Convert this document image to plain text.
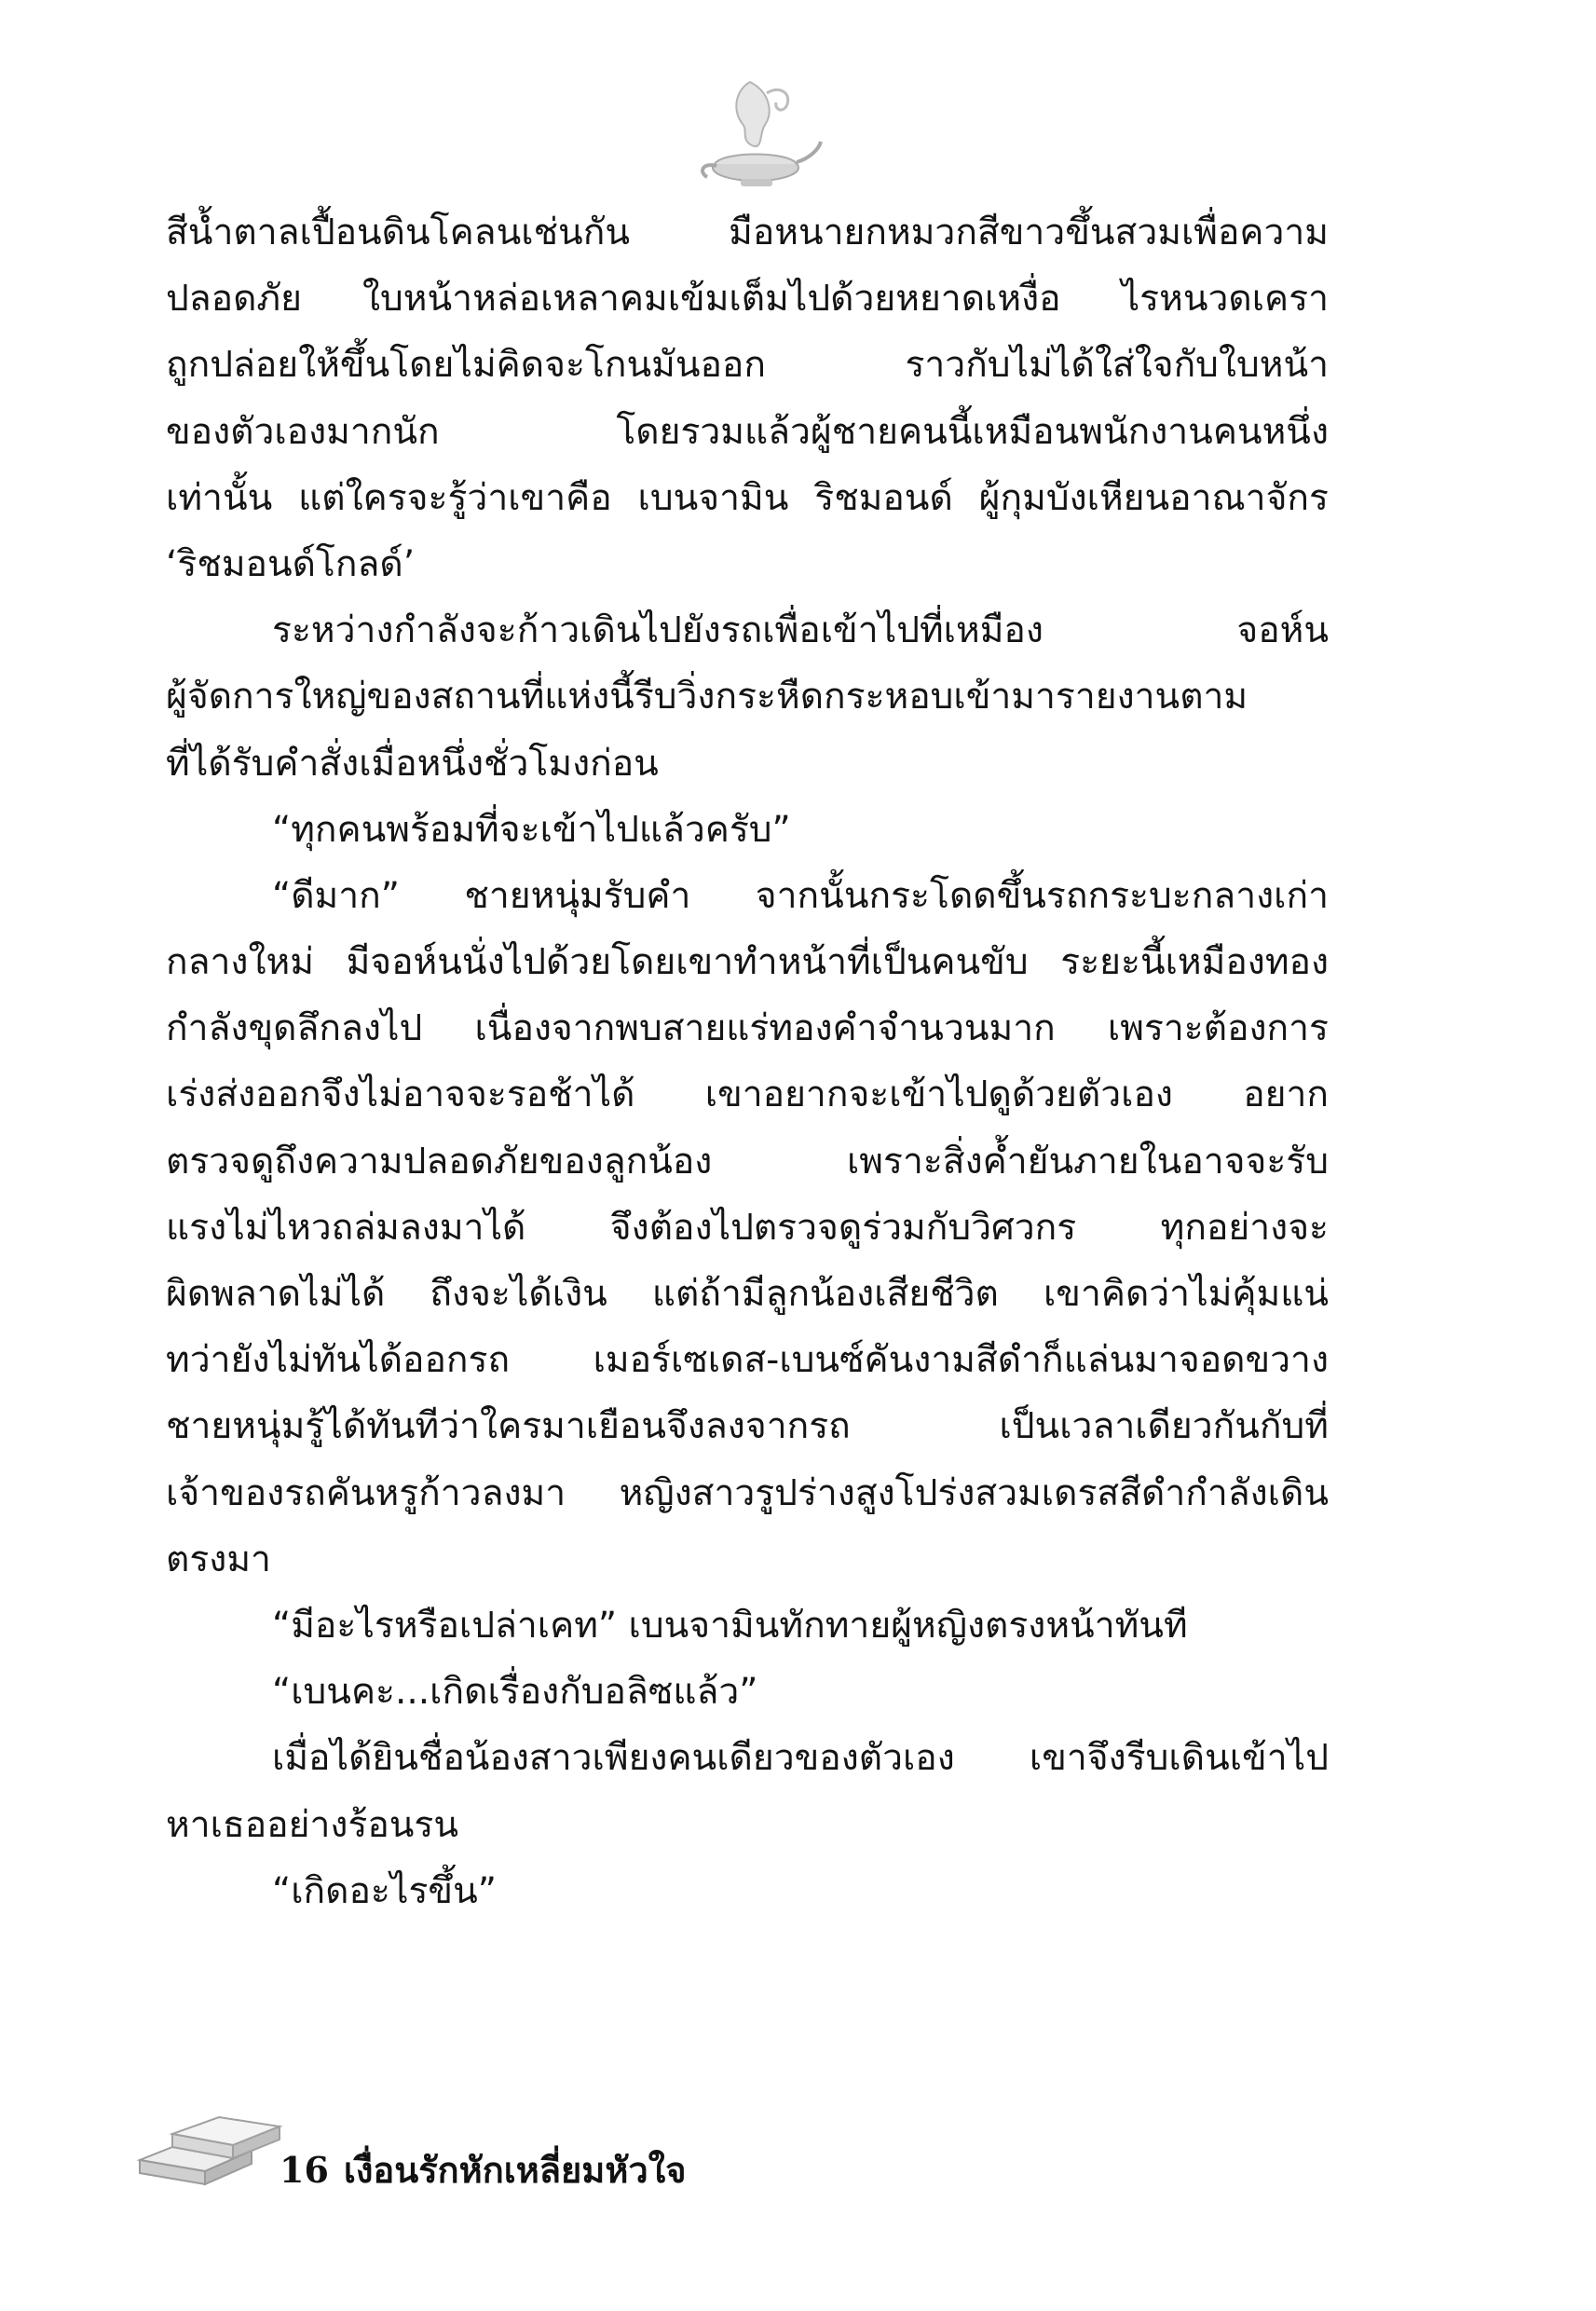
สีน้ำตาลเปื้อนดินโคลนเช่นกัน มือหนายกหมวกสีขาวขึ้นสวมเพื่อความ
ปลอดภัย ใบหน้าหล่อเหลาคมเข้มเต็มไปด้วยหยาดเหงื่อ ไรหนวดเครา
ถูกปล่อยให้ขึ้นโดยไม่คิดจะโกนมันออก ราวกับไม่ได้ใส่ใจกับใบหน้า
ของตัวเองมากนัก โดยรวมแล้วผู้ชายคนนี้เหมือนพนักงานคนหนึ่ง
เท่านั้น แต่ใครจะรู้ว่าเขาคือ เบนจามิน ริชมอนด์ ผู้กุมบังเหียนอาณาจักร
‘ริชมอนด์โกลด์’
ระหว่างกำลังจะก้าวเดินไปยังรถเพื่อเข้าไปที่เหมือง จอห์น
ผู้จัดการใหญ่ของสถานที่แห่งนี้รีบวิ่งกระหืดกระหอบเข้ามารายงานตาม
ที่ได้รับคำสั่งเมื่อหนึ่งชั่วโมงก่อน
“ทุกคนพร้อมที่จะเข้าไปแล้วครับ”
“ดีมาก” ชายหนุ่มรับคำ จากนั้นกระโดดขึ้นรถกระบะกลางเก่า
กลางใหม่ มีจอห์นนั่งไปด้วยโดยเขาทำหน้าที่เป็นคนขับ ระยะนี้เหมืองทอง
กำลังขุดลึกลงไป เนื่องจากพบสายแร่ทองคำจำนวนมาก เพราะต้องการ
เร่งส่งออกจึงไม่อาจจะรอช้าได้ เขาอยากจะเข้าไปดูด้วยตัวเอง อยาก
ตรวจดูถึงความปลอดภัยของลูกน้อง เพราะสิ่งค้ำยันภายในอาจจะรับ
แรงไม่ไหวถล่มลงมาได้ จึงต้องไปตรวจดูร่วมกับวิศวกร ทุกอย่างจะ
ผิดพลาดไม่ได้ ถึงจะได้เงิน แต่ถ้ามีลูกน้องเสียชีวิต เขาคิดว่าไม่คุ้มแน่
ทว่ายังไม่ทันได้ออกรถ เมอร์เซเดส-เบนซ์คันงามสีดำก็แล่นมาจอดขวาง
ชายหนุ่มรู้ได้ทันทีว่าใครมาเยือนจึงลงจากรถ เป็นเวลาเดียวกันกับที่
เจ้าของรถคันหรูก้าวลงมา หญิงสาวรูปร่างสูงโปร่งสวมเดรสสีดำกำลังเดิน
ตรงมา
“มีอะไรหรือเปล่าเคท” เบนจามินทักทายผู้หญิงตรงหน้าทันที
“เบนคะ...เกิดเรื่องกับอลิซแล้ว”
เมื่อได้ยินชื่อน้องสาวเพียงคนเดียวของตัวเอง เขาจึงรีบเดินเข้าไป
หาเธออย่างร้อนรน
“เกิดอะไรขึ้น”
16 เงื่อนรักหักเหลี่ยมหัวใจ
